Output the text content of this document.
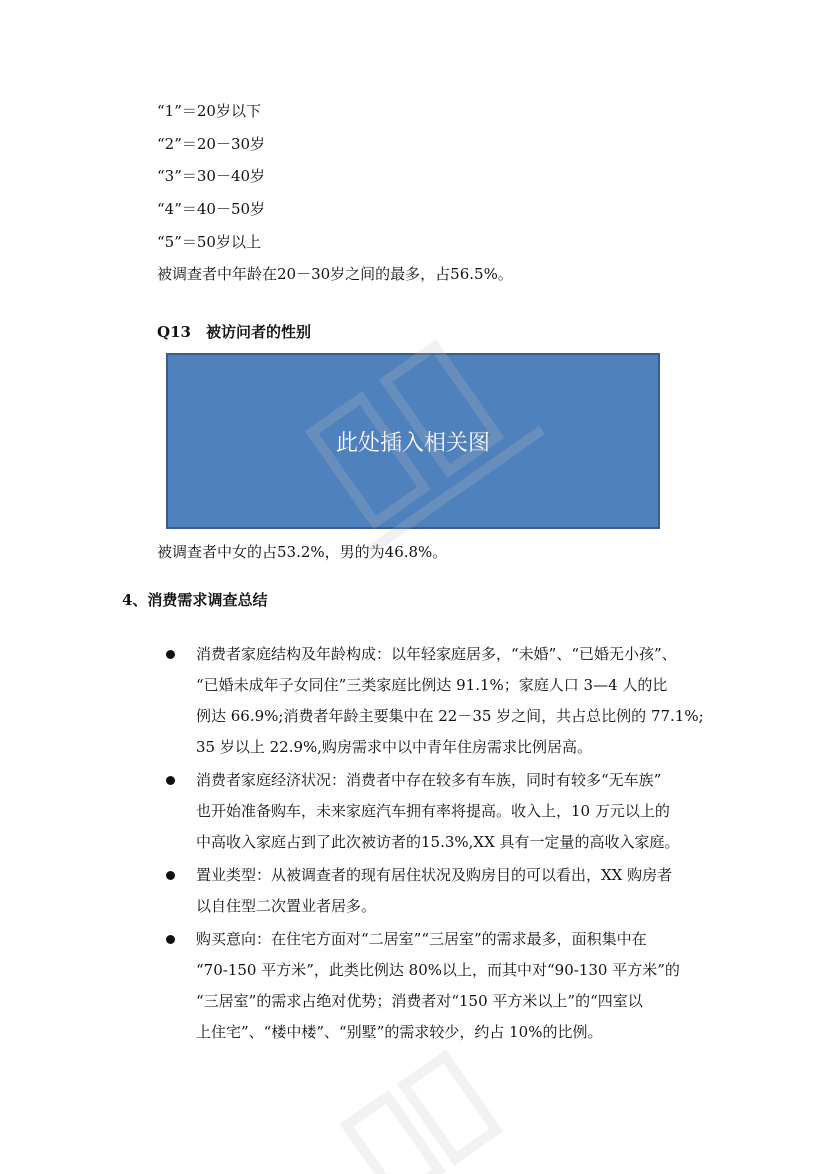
“1”＝20岁以下
“2”＝20－30岁
“3”＝30－40岁
“4”＝40－50岁
“5”＝50岁以上
被调查者中年龄在20－30岁之间的最多，占56.5%。
Q13　被访问者的性别
此处插入相关图
被调查者中女的占53.2%，男的为46.8%。
4、消费需求调查总结
消费者家庭结构及年龄构成：以年轻家庭居多，“未婚”、“已婚无小孩”、
“已婚未成年子女同住”三类家庭比例达 91.1%；家庭人口 3—4 人的比
例达 66.9%;消费者年龄主要集中在 22－35 岁之间，共占总比例的 77.1%;
35 岁以上 22.9%,购房需求中以中青年住房需求比例居高。
消费者家庭经济状况：消费者中存在较多有车族，同时有较多“无车族”
也开始准备购车，未来家庭汽车拥有率将提高。收入上，10 万元以上的
中高收入家庭占到了此次被访者的15.3%,XX 具有一定量的高收入家庭。
置业类型：从被调查者的现有居住状况及购房目的可以看出，XX 购房者
以自住型二次置业者居多。
购买意向：在住宅方面对“二居室”“三居室”的需求最多，面积集中在
“70-150 平方米”，此类比例达 80%以上，而其中对“90-130 平方米”的
“三居室”的需求占绝对优势；消费者对“150 平方米以上”的“四室以
上住宅”、“楼中楼”、“别墅”的需求较少，约占 10%的比例。
